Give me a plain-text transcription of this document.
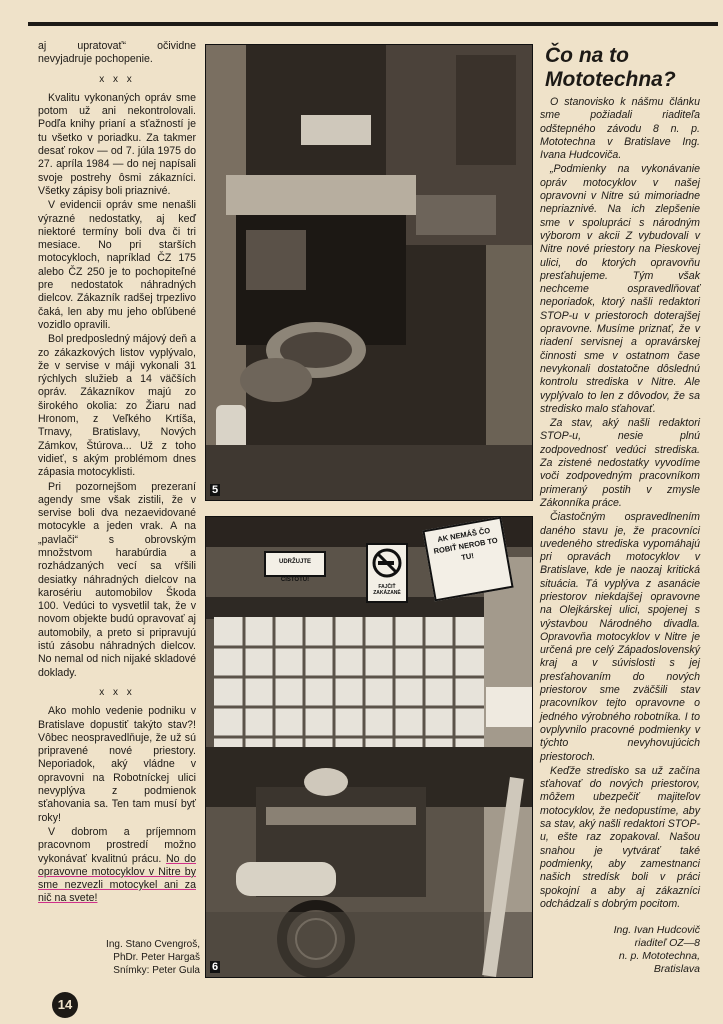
aj upratovať“ očividne nevyjadruje pochopenie.

x x x

Kvalitu vykonaných opráv sme potom už ani nekontrolovali. Podľa knihy prianí a sťažností je tu všetko v poriadku. Za takmer desať rokov — od 7. júla 1975 do 27. apríla 1984 — do nej napísali svoje postrehy ôsmi zákazníci. Všetky zápisy boli priaznivé.

V evidencii opráv sme nenašli výrazné nedostatky, aj keď niektoré termíny boli dva či tri mesiace. No pri starších motocykloch, napríklad ČZ 175 alebo ČZ 250 je to pochopiteľné pre nedostatok náhradných dielcov. Zákazník radšej trpezlivo čaká, len aby mu jeho obľúbené vozidlo opravili.

Bol predposledný májový deň a zo zákazkových listov vyplývalo, že v servise v máji vykonali 31 rýchlych služieb a 14 väčších opráv. Zákazníkov majú zo širokého okolia: zo Žiaru nad Hronom, z Veľkého Krtíša, Trnavy, Bratislavy, Nových Zámkov, Štúrova... Už z toho vidieť, s akým problémom dnes zápasia motocyklisti.

Pri pozornejšom prezeraní agendy sme však zistili, že v servise boli dva nezaevidované motocykle a jeden vrak. A na „pavlači“ s obrovským množstvom harabúrdia a rozhádzaných vecí sa vŕšili desiatky náhradných dielcov na karosériu automobilov Škoda 100. Vedúci to vysvetlil tak, že v novom objekte budú opravovať aj automobily, a preto si pripravujú istú zásobu náhradných dielcov. No nemal od nich nijaké skladové doklady.

x x x

Ako mohlo vedenie podniku v Bratislave dopustiť takýto stav?! Vôbec neospravedlňuje, že už sú pripravené nové priestory. Neporiadok, aký vládne v opravovni na Robotníckej ulici nevyplýva z podmienok sťahovania sa. Ten tam musí byť roky!

V dobrom a príjemnom pracovnom prostredí možno vykonávať kvalitnú prácu. No do opravovne motocyklov v Nitre by sme nezvezli motocykel ani za nič na svete!

Ing. Stano Cvengroš,
PhDr. Peter Hargaš
Snímky: Peter Gula
5
UDRŽUJTE ČISTOTU!
FAJČIŤ ZAKÁZANÉ
AK NEMÁŠ ČO ROBIŤ NEROB TO TU!
6
Čo na to Mototechna?

O stanovisko k nášmu článku sme požiadali riaditeľa odštepného závodu 8 n. p. Mototechna v Bratislave Ing. Ivana Hudcoviča.

„Podmienky na vykonávanie opráv motocyklov v našej opravovni v Nitre sú mimoriadne nepriaznivé. Na ich zlepšenie sme v spolupráci s národným výborom v akcii Z vybudovali v Nitre nové priestory na Pieskovej ulici, do ktorých opravovňu presťahujeme. Tým však nechceme ospravedlňovať neporiadok, ktorý našli redaktori STOP-u v priestoroch doterajšej opravovne. Musíme priznať, že v riadení servisnej a opravárskej činnosti sme v ostatnom čase nevykonali dostatočne dôslednú kontrolu strediska v Nitre. Ale vyplývalo to len z dôvodov, že sa stredisko malo sťahovať.

Za stav, aký našli redaktori STOP-u, nesie plnú zodpovednosť vedúci strediska. Za zistené nedostatky vyvodíme voči zodpovedným pracovníkom primeraný postih v zmysle Zákonníka práce.

Čiastočným ospravedlnením daného stavu je, že pracovníci uvedeného strediska vypomáhajú pri opravách motocyklov v Bratislave, kde je naozaj kritická situácia. Tá vyplýva z asanácie priestorov niekdajšej opravovne na Olejkárskej ulici, spojenej s výstavbou Národného divadla. Opravovňa motocyklov v Nitre je určená pre celý Západoslovenský kraj a v súvislosti s jej presťahovaním do nových priestorov sme zväčšili stav pracovníkov tejto opravovne o jedného výrobného robotníka. I to ovplyvnilo pracovné podmienky v týchto nevyhovujúcich priestoroch.

Keďže stredisko sa už začína sťahovať do nových priestorov, môžem ubezpečiť majiteľov motocyklov, že nedopustíme, aby sa stav, aký našli redaktori STOP-u, ešte raz zopakoval. Našou snahou je vytvárať také podmienky, aby zamestnanci našich stredísk boli v práci spokojní a aby aj zákazníci odchádzali s dobrým pocitom.

Ing. Ivan Hudcovič
riaditeľ OZ—8
n. p. Mototechna,
Bratislava
14
